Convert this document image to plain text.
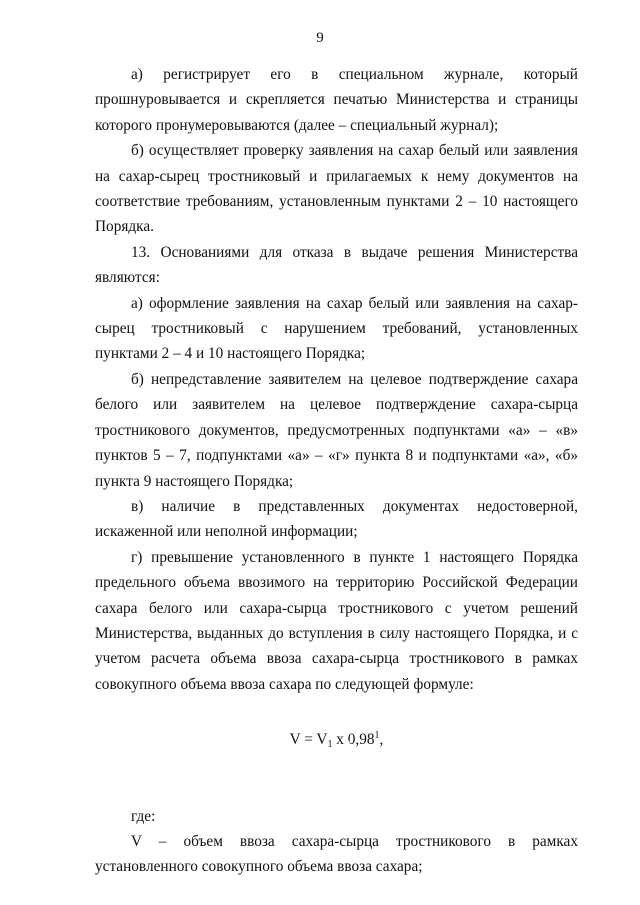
9

а) регистрирует его в специальном журнале, который прошнуровывается и скрепляется печатью Министерства и страницы которого пронумеровываются (далее – специальный журнал);

б) осуществляет проверку заявления на сахар белый или заявления на сахар-сырец тростниковый и прилагаемых к нему документов на соответствие требованиям, установленным пунктами 2 – 10 настоящего Порядка.

13. Основаниями для отказа в выдаче решения Министерства являются:

а) оформление заявления на сахар белый или заявления на сахар-сырец тростниковый с нарушением требований, установленных пунктами 2 – 4 и 10 настоящего Порядка;

б) непредставление заявителем на целевое подтверждение сахара белого или заявителем на целевое подтверждение сахара-сырца тростникового документов, предусмотренных подпунктами «а» – «в» пунктов 5 – 7, подпунктами «а» – «г» пункта 8 и подпунктами «а», «б» пункта 9 настоящего Порядка;

в) наличие в представленных документах недостоверной, искаженной или неполной информации;

г) превышение установленного в пункте 1 настоящего Порядка предельного объема ввозимого на территорию Российской Федерации сахара белого или сахара-сырца тростникового с учетом решений Министерства, выданных до вступления в силу настоящего Порядка, и с учетом расчета объема ввоза сахара-сырца тростникового в рамках совокупного объема ввоза сахара по следующей формуле:

$V = V_1$ x 0,98$^1$,

где:

V – объем ввоза сахара-сырца тростникового в рамках установленного совокупного объема ввоза сахара;
